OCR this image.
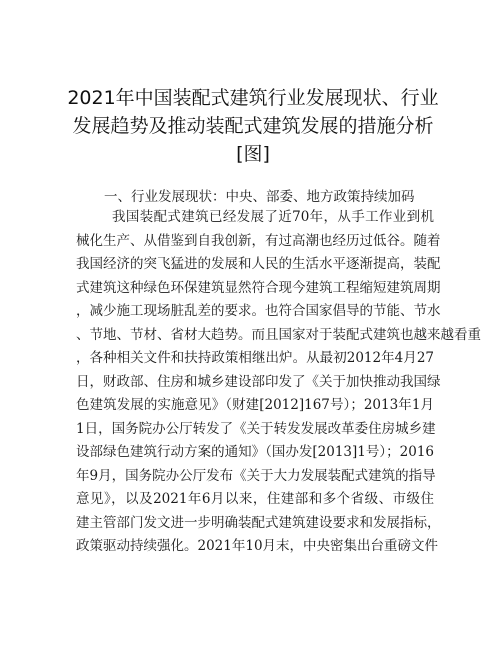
2021年中国装配式建筑行业发展现状、行业发展趋势及推动装配式建筑发展的措施分析[图]

一、行业发展现状：中央、部委、地方政策持续加码

我国装配式建筑已经发展了近70年，从手工作业到机
械化生产、从借鉴到自我创新，有过高潮也经历过低谷。随着
我国经济的突飞猛进的发展和人民的生活水平逐渐提高，装配
式建筑这种绿色环保建筑显然符合现今建筑工程缩短建筑周期
，减少施工现场脏乱差的要求。也符合国家倡导的节能、节水
、节地、节材、省材大趋势。而且国家对于装配式建筑也越来越看重
，各种相关文件和扶持政策相继出炉。从最初2012年4月27
日，财政部、住房和城乡建设部印发了《关于加快推动我国绿
色建筑发展的实施意见》（财建[2012]167号）；2013年1月
1日，国务院办公厅转发了《关于转发发展改革委住房城乡建
设部绿色建筑行动方案的通知》（国办发[2013]1号）；2016
年9月，国务院办公厅发布《关于大力发展装配式建筑的指导
意见》，以及2021年6月以来，住建部和多个省级、市级住
建主管部门发文进一步明确装配式建筑建设要求和发展指标，
政策驱动持续强化。2021年10月末，中央密集出台重磅文件
